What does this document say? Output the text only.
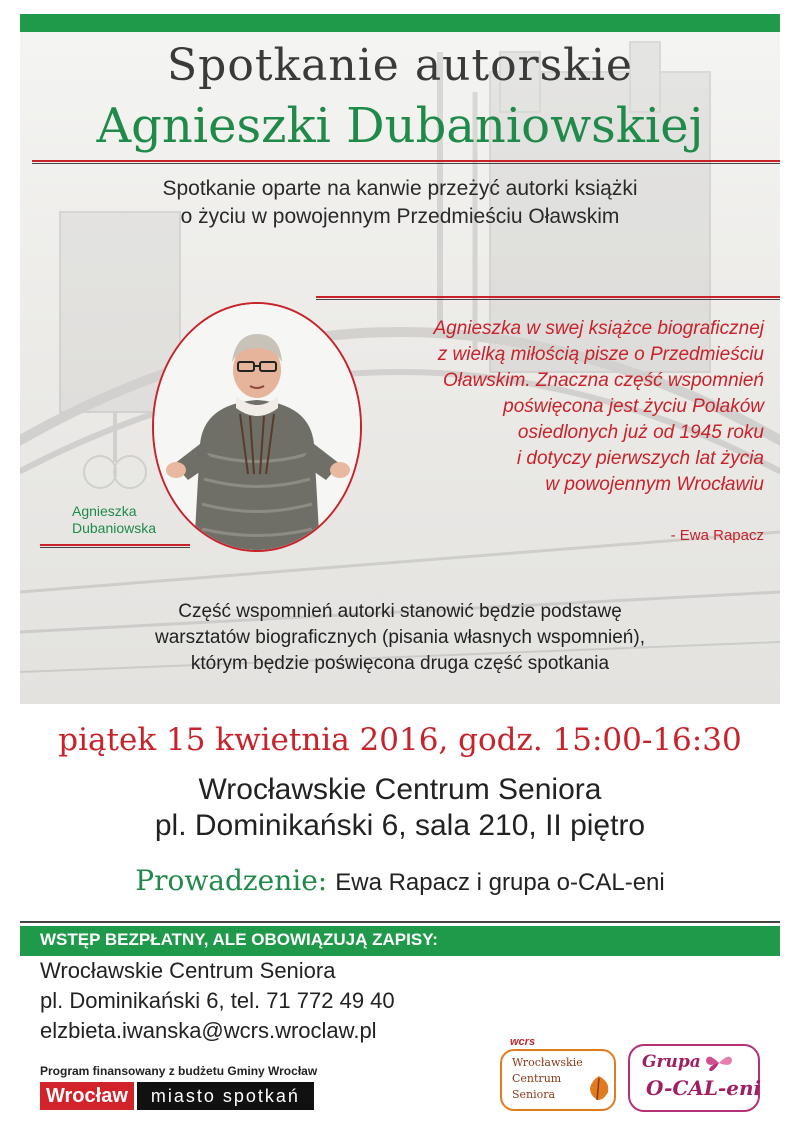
Spotkanie autorskie
Agnieszki Dubaniowskiej
Spotkanie oparte na kanwie przeżyć autorki książki
o życiu w powojennym Przedmieściu Oławskim
Agnieszka
Dubaniowska
Agnieszka w swej książce biograficznej
z wielką miłością pisze o Przedmieściu
Oławskim. Znaczna część wspomnień
poświęcona jest życiu Polaków
osiedlonych już od 1945 roku
i dotyczy pierwszych lat życia
w powojennym Wrocławiu
- Ewa Rapacz
Część wspomnień autorki stanowić będzie podstawę
warsztatów biograficznych (pisania własnych wspomnień),
którym będzie poświęcona druga część spotkania
piątek 15 kwietnia 2016, godz. 15:00-16:30
Wrocławskie Centrum Seniora
pl. Dominikański 6, sala 210, II piętro
Prowadzenie: Ewa Rapacz i grupa o-CAL-eni
WSTĘP BEZPŁATNY, ALE OBOWIĄZUJĄ ZAPISY:
Wrocławskie Centrum Seniora
pl. Dominikański 6, tel. 71 772 49 40
elzbieta.iwanska@wcrs.wroclaw.pl
Program finansowany z budżetu Gminy Wrocław
Wrocław	miasto spotkań
wcrs
Wrocławskie
Centrum
Seniora
Grupa
O-CAL-eni
